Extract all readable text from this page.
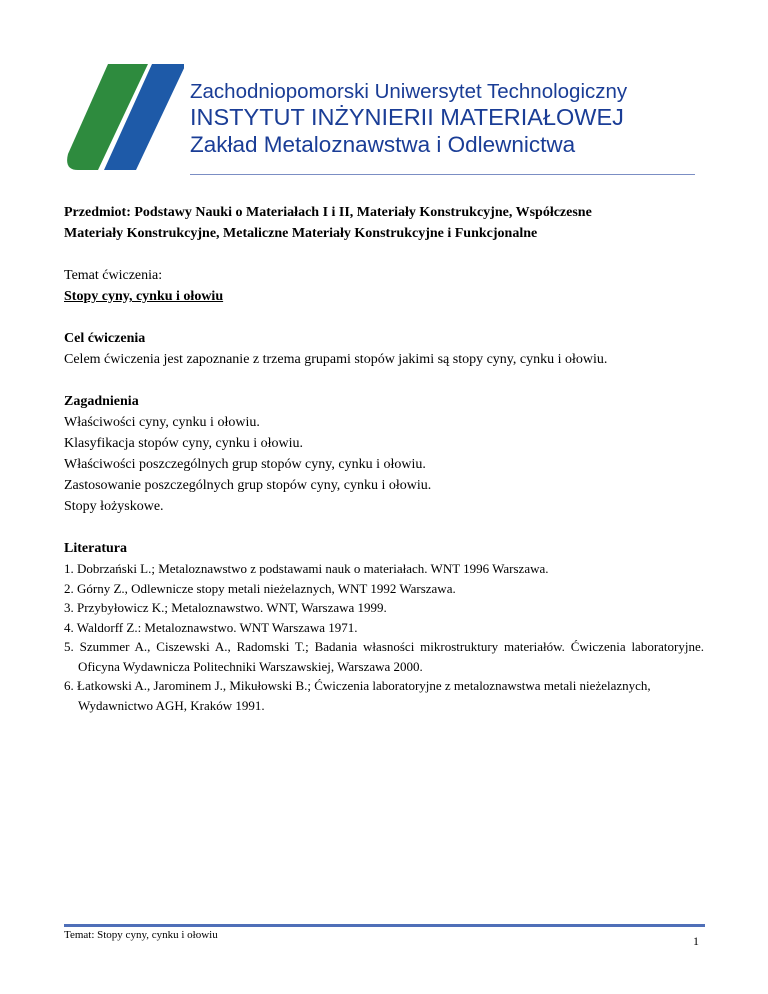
Zachodniopomorski Uniwersytet Technologiczny
INSTYTUT INŻYNIERII MATERIAŁOWEJ
Zakład Metaloznawstwa i Odlewnictwa

Przedmiot: Podstawy Nauki o Materiałach I i II, Materiały Konstrukcyjne, Współczesne
Materiały Konstrukcyjne, Metaliczne Materiały Konstrukcyjne i Funkcjonalne

Temat ćwiczenia:

Stopy cyny, cynku i ołowiu

Cel ćwiczenia

Celem ćwiczenia jest zapoznanie z trzema grupami stopów jakimi są stopy cyny, cynku i ołowiu.

Zagadnienia

Właściwości cyny, cynku i ołowiu.
Klasyfikacja stopów cyny, cynku i ołowiu.
Właściwości poszczególnych grup stopów cyny, cynku i ołowiu.
Zastosowanie poszczególnych grup stopów cyny, cynku i ołowiu.
Stopy łożyskowe.

Literatura

1. Dobrzański L.; Metaloznawstwo z podstawami nauk o materiałach. WNT 1996 Warszawa.
2. Górny Z., Odlewnicze stopy metali nieżelaznych, WNT 1992 Warszawa.
3. Przybyłowicz K.; Metaloznawstwo. WNT, Warszawa 1999.
4. Waldorff Z.: Metaloznawstwo. WNT Warszawa 1971.
5. Szummer A., Ciszewski A., Radomski T.; Badania własności mikrostruktury materiałów. Ćwiczenia laboratoryjne. Oficyna Wydawnicza Politechniki Warszawskiej, Warszawa 2000.
6. Łatkowski A., Jarominem J., Mikułowski B.; Ćwiczenia laboratoryjne z metaloznawstwa metali nieżelaznych, Wydawnictwo AGH, Kraków 1991.
Temat: Stopy cyny, cynku i ołowiu	1
